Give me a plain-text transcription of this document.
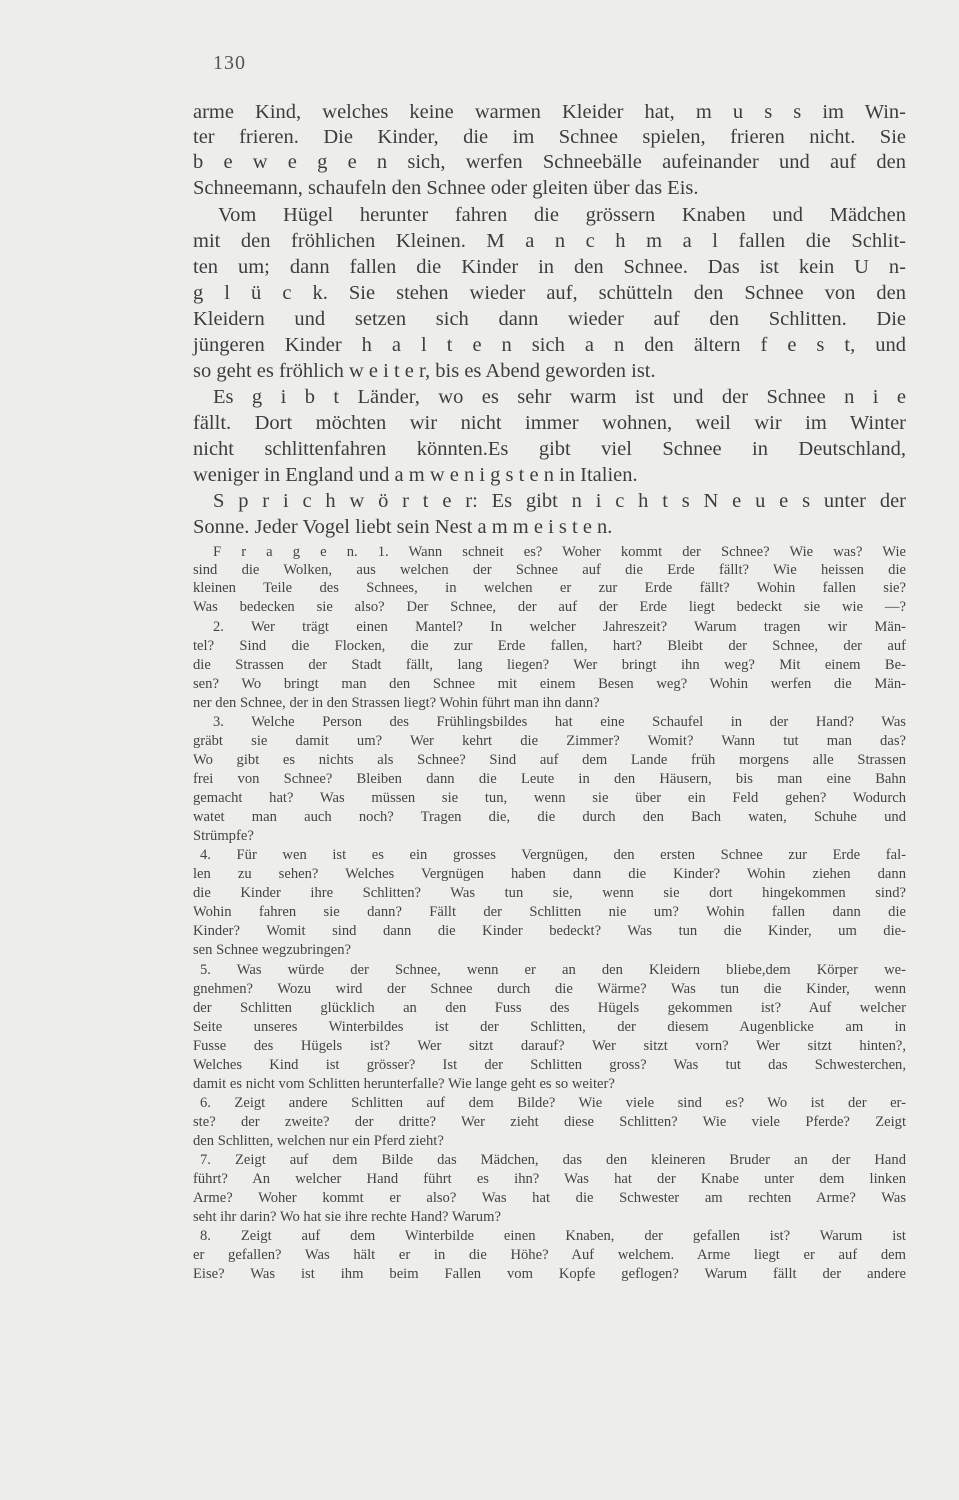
130
arme Kind, welches keine warmen Kleider hat, m u s s im Win-
ter frieren. Die Kinder, die im Schnee spielen, frieren nicht. Sie
b e w e g e n sich, werfen Schneebälle aufeinander und auf den
Schneemann, schaufeln den Schnee oder gleiten über das Eis.
Vom Hügel herunter fahren die grössern Knaben und Mädchen
mit den fröhlichen Kleinen. M a n c h m a l fallen die Schlit-
ten um; dann fallen die Kinder in den Schnee. Das ist kein U n-
g l ü c k. Sie stehen wieder auf, schütteln den Schnee von den
Kleidern und setzen sich dann wieder auf den Schlitten. Die
jüngeren Kinder h a l t e n sich a n den ältern f e s t, und
so geht es fröhlich w e i t e r, bis es Abend geworden ist.
Es g i b t Länder, wo es sehr warm ist und der Schnee n i e
fällt. Dort möchten wir nicht immer wohnen, weil wir im Winter
nicht schlittenfahren könnten.Es gibt viel Schnee in Deutschland,
weniger in England und a m w e n i g s t e n in Italien.
S p r i c h w ö r t e r: Es gibt n i c h t s N e u e s unter der
Sonne. Jeder Vogel liebt sein Nest a m m e i s t e n.
F r a g e n. 1. Wann schneit es? Woher kommt der Schnee? Wie was? Wie
sind die Wolken, aus welchen der Schnee auf die Erde fällt? Wie heissen die
kleinen Teile des Schnees, in welchen er zur Erde fällt? Wohin fallen sie?
Was bedecken sie also? Der Schnee, der auf der Erde liegt bedeckt sie wie —?
2. Wer trägt einen Mantel? In welcher Jahreszeit? Warum tragen wir Män-
tel? Sind die Flocken, die zur Erde fallen, hart? Bleibt der Schnee, der auf
die Strassen der Stadt fällt, lang liegen? Wer bringt ihn weg? Mit einem Be-
sen? Wo bringt man den Schnee mit einem Besen weg? Wohin werfen die Män-
ner den Schnee, der in den Strassen liegt? Wohin führt man ihn dann?
3. Welche Person des Frühlingsbildes hat eine Schaufel in der Hand? Was
gräbt sie damit um? Wer kehrt die Zimmer? Womit? Wann tut man das?
Wo gibt es nichts als Schnee? Sind auf dem Lande früh morgens alle Strassen
frei von Schnee? Bleiben dann die Leute in den Häusern, bis man eine Bahn
gemacht hat? Was müssen sie tun, wenn sie über ein Feld gehen? Wodurch
watet man auch noch? Tragen die, die durch den Bach waten, Schuhe und
Strümpfe?
4. Für wen ist es ein grosses Vergnügen, den ersten Schnee zur Erde fal-
len zu sehen? Welches Vergnügen haben dann die Kinder? Wohin ziehen dann
die Kinder ihre Schlitten? Was tun sie, wenn sie dort hingekommen sind?
Wohin fahren sie dann? Fällt der Schlitten nie um? Wohin fallen dann die
Kinder? Womit sind dann die Kinder bedeckt? Was tun die Kinder, um die-
sen Schnee wegzubringen?
5. Was würde der Schnee, wenn er an den Kleidern bliebe,dem Körper we-
gnehmen? Wozu wird der Schnee durch die Wärme? Was tun die Kinder, wenn
der Schlitten glücklich an den Fuss des Hügels gekommen ist? Auf welcher
Seite unseres Winterbildes ist der Schlitten, der diesem Augenblicke am in
Fusse des Hügels ist? Wer sitzt darauf? Wer sitzt vorn? Wer sitzt hinten?,
Welches Kind ist grösser? Ist der Schlitten gross? Was tut das Schwesterchen,
damit es nicht vom Schlitten herunterfalle? Wie lange geht es so weiter?
6. Zeigt andere Schlitten auf dem Bilde? Wie viele sind es? Wo ist der er-
ste? der zweite? der dritte? Wer zieht diese Schlitten? Wie viele Pferde? Zeigt
den Schlitten, welchen nur ein Pferd zieht?
7. Zeigt auf dem Bilde das Mädchen, das den kleineren Bruder an der Hand
führt? An welcher Hand führt es ihn? Was hat der Knabe unter dem linken
Arme? Woher kommt er also? Was hat die Schwester am rechten Arme? Was
seht ihr darin? Wo hat sie ihre rechte Hand? Warum?
8. Zeigt auf dem Winterbilde einen Knaben, der gefallen ist? Warum ist
er gefallen? Was hält er in die Höhe? Auf welchem. Arme liegt er auf dem
Eise? Was ist ihm beim Fallen vom Kopfe geflogen? Warum fällt der andere
